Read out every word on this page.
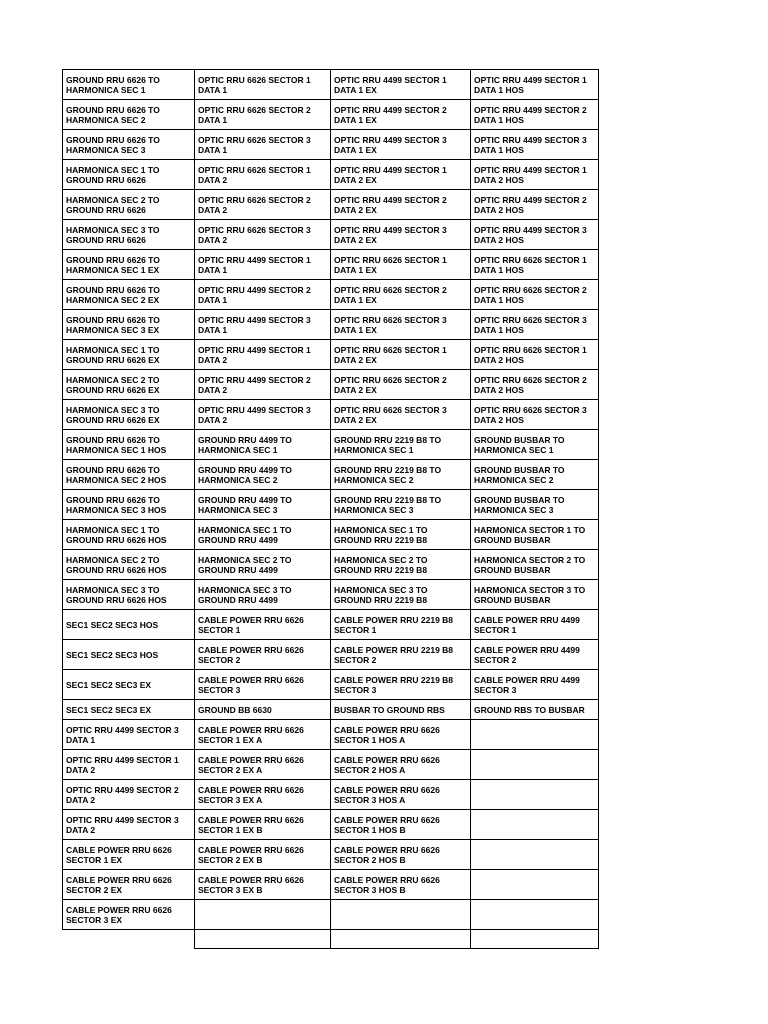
GROUND RRU 6626 TO HARMONICA SEC 1	OPTIC RRU 6626 SECTOR 1 DATA 1	OPTIC RRU 4499 SECTOR 1 DATA 1 EX	OPTIC RRU 4499 SECTOR 1 DATA 1 HOS
GROUND RRU 6626 TO HARMONICA SEC 2	OPTIC RRU 6626 SECTOR 2 DATA 1	OPTIC RRU 4499 SECTOR 2 DATA 1 EX	OPTIC RRU 4499 SECTOR 2 DATA 1 HOS
GROUND RRU 6626 TO HARMONICA SEC 3	OPTIC RRU 6626 SECTOR 3 DATA 1	OPTIC RRU 4499 SECTOR 3 DATA 1 EX	OPTIC RRU 4499 SECTOR 3 DATA 1 HOS
HARMONICA SEC 1 TO GROUND RRU 6626	OPTIC RRU 6626 SECTOR 1 DATA 2	OPTIC RRU 4499 SECTOR 1 DATA 2 EX	OPTIC RRU 4499 SECTOR 1 DATA 2 HOS
HARMONICA SEC 2 TO GROUND RRU 6626	OPTIC RRU 6626 SECTOR 2 DATA 2	OPTIC RRU 4499 SECTOR 2 DATA 2 EX	OPTIC RRU 4499 SECTOR 2 DATA 2 HOS
HARMONICA SEC 3 TO GROUND RRU 6626	OPTIC RRU 6626 SECTOR 3 DATA 2	OPTIC RRU 4499 SECTOR 3 DATA 2 EX	OPTIC RRU 4499 SECTOR 3 DATA 2 HOS
GROUND RRU 6626 TO HARMONICA SEC 1 EX	OPTIC RRU 4499 SECTOR 1 DATA 1	OPTIC RRU 6626 SECTOR 1 DATA 1 EX	OPTIC RRU 6626 SECTOR 1 DATA 1 HOS
GROUND RRU 6626 TO HARMONICA SEC 2 EX	OPTIC RRU 4499 SECTOR 2 DATA 1	OPTIC RRU 6626 SECTOR 2 DATA 1 EX	OPTIC RRU 6626 SECTOR 2 DATA 1 HOS
GROUND RRU 6626 TO HARMONICA SEC 3 EX	OPTIC RRU 4499 SECTOR 3 DATA 1	OPTIC RRU 6626 SECTOR 3 DATA 1 EX	OPTIC RRU 6626 SECTOR 3 DATA 1 HOS
HARMONICA SEC 1 TO GROUND RRU 6626 EX	OPTIC RRU 4499 SECTOR 1 DATA 2	OPTIC RRU 6626 SECTOR 1 DATA 2 EX	OPTIC RRU 6626 SECTOR 1 DATA 2 HOS
HARMONICA SEC 2 TO GROUND RRU 6626 EX	OPTIC RRU 4499 SECTOR 2 DATA 2	OPTIC RRU 6626 SECTOR 2 DATA 2 EX	OPTIC RRU 6626 SECTOR 2 DATA 2 HOS
HARMONICA SEC 3 TO GROUND RRU 6626 EX	OPTIC RRU 4499 SECTOR 3 DATA 2	OPTIC RRU 6626 SECTOR 3 DATA 2 EX	OPTIC RRU 6626 SECTOR 3 DATA 2 HOS
GROUND RRU 6626 TO HARMONICA SEC 1 HOS	GROUND RRU 4499 TO HARMONICA SEC 1	GROUND RRU 2219 B8 TO HARMONICA SEC 1	GROUND BUSBAR TO HARMONICA SEC 1
GROUND RRU 6626 TO HARMONICA SEC 2 HOS	GROUND RRU 4499 TO HARMONICA SEC 2	GROUND RRU 2219 B8 TO HARMONICA SEC 2	GROUND BUSBAR TO HARMONICA SEC 2
GROUND RRU 6626 TO HARMONICA SEC 3 HOS	GROUND RRU 4499 TO HARMONICA SEC 3	GROUND RRU 2219 B8 TO HARMONICA SEC 3	GROUND BUSBAR TO HARMONICA SEC 3
HARMONICA SEC 1 TO GROUND RRU 6626 HOS	HARMONICA SEC 1 TO GROUND RRU 4499	HARMONICA SEC 1 TO GROUND RRU 2219 B8	HARMONICA SECTOR 1 TO GROUND BUSBAR
HARMONICA SEC 2 TO GROUND RRU 6626 HOS	HARMONICA SEC 2 TO GROUND RRU 4499	HARMONICA SEC 2 TO GROUND RRU 2219 B8	HARMONICA SECTOR 2 TO GROUND BUSBAR
HARMONICA SEC 3 TO GROUND RRU 6626 HOS	HARMONICA SEC 3 TO GROUND RRU 4499	HARMONICA SEC 3 TO GROUND RRU 2219 B8	HARMONICA SECTOR 3 TO GROUND BUSBAR
SEC1 SEC2 SEC3 HOS	CABLE POWER RRU 6626 SECTOR 1	CABLE POWER RRU 2219 B8 SECTOR 1	CABLE POWER RRU 4499 SECTOR 1
SEC1 SEC2 SEC3 HOS	CABLE POWER RRU 6626 SECTOR 2	CABLE POWER RRU 2219 B8 SECTOR 2	CABLE POWER RRU 4499 SECTOR 2
SEC1 SEC2 SEC3 EX	CABLE POWER RRU 6626 SECTOR 3	CABLE POWER RRU 2219 B8 SECTOR 3	CABLE POWER RRU 4499 SECTOR 3
SEC1 SEC2 SEC3 EX	GROUND BB 6630	BUSBAR TO GROUND RBS	GROUND RBS TO BUSBAR
OPTIC RRU 4499 SECTOR 3 DATA 1	CABLE POWER RRU 6626 SECTOR 1 EX A	CABLE POWER RRU 6626 SECTOR 1 HOS A	
OPTIC RRU 4499 SECTOR 1 DATA 2	CABLE POWER RRU 6626 SECTOR 2 EX A	CABLE POWER RRU 6626 SECTOR 2 HOS A	
OPTIC RRU 4499 SECTOR 2 DATA 2	CABLE POWER RRU 6626 SECTOR 3 EX A	CABLE POWER RRU 6626 SECTOR 3 HOS A	
OPTIC RRU 4499 SECTOR 3 DATA 2	CABLE POWER RRU 6626 SECTOR 1 EX B	CABLE POWER RRU 6626 SECTOR 1 HOS B	
CABLE POWER RRU 6626 SECTOR 1 EX	CABLE POWER RRU 6626 SECTOR 2 EX B	CABLE POWER RRU 6626 SECTOR 2 HOS B	
CABLE POWER RRU 6626 SECTOR 2 EX	CABLE POWER RRU 6626 SECTOR 3 EX B	CABLE POWER RRU 6626 SECTOR 3 HOS B	
CABLE POWER RRU 6626 SECTOR 3 EX			
